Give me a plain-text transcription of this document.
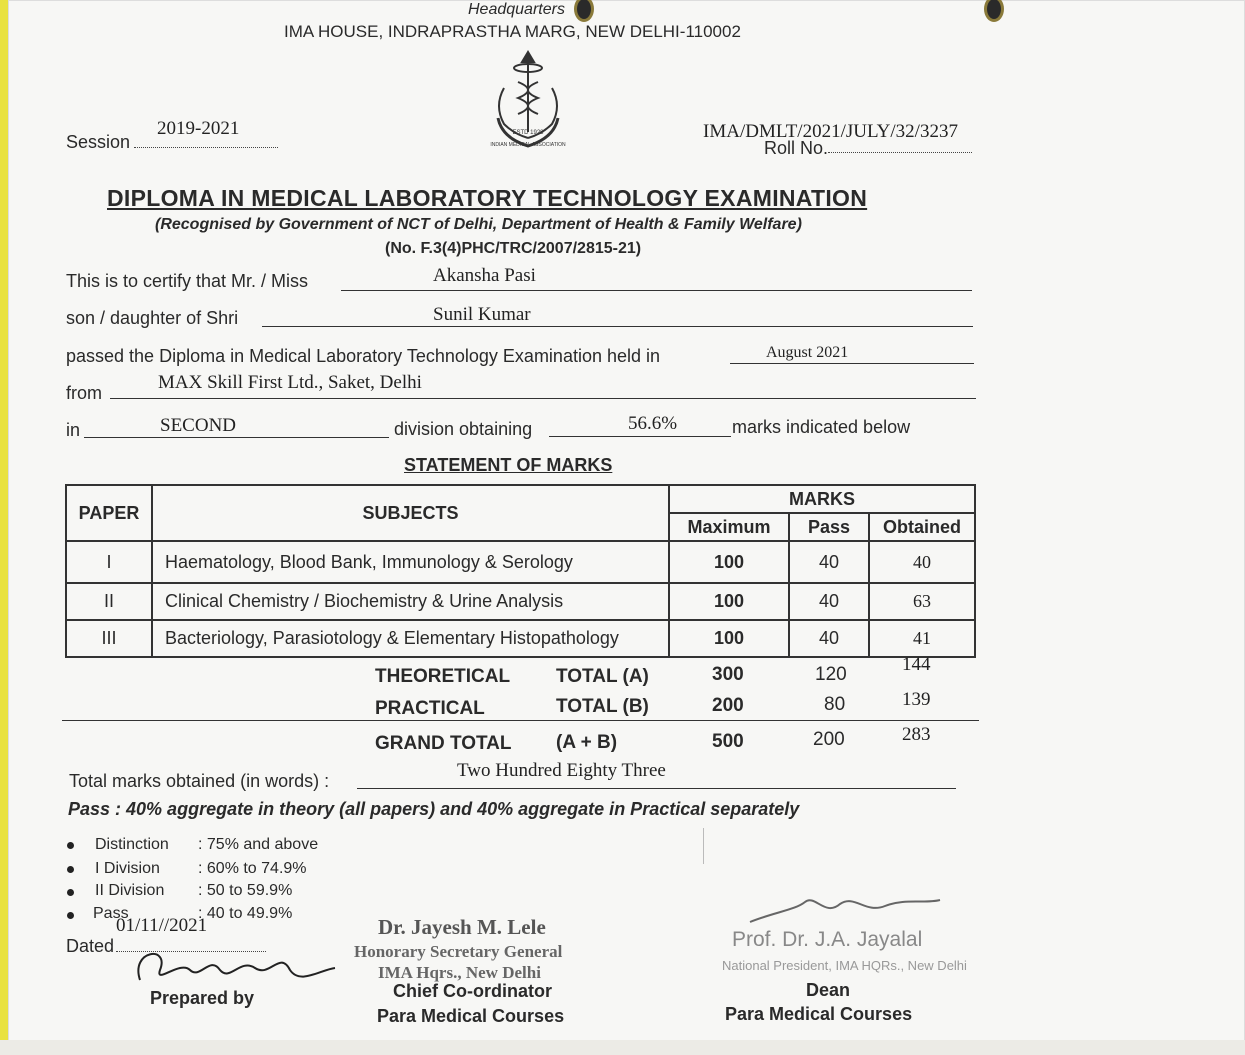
Headquarters
IMA HOUSE, INDRAPRASTHA MARG, NEW DELHI-110002
ESTD 1928
INDIAN MEDICAL ASSOCIATION
2019-2021
Session	IMA/DMLT/2021/JULY/32/3237
Roll No.
DIPLOMA IN MEDICAL LABORATORY TECHNOLOGY EXAMINATION
(Recognised by Government of NCT of Delhi, Department of Health & Family Welfare)
(No. F.3(4)PHC/TRC/2007/2815-21)
This is to certify that Mr. / Miss	Akansha Pasi
son / daughter of Shri	Sunil Kumar
passed the Diploma in Medical Laboratory Technology Examination held in	August 2021
from	MAX Skill First Ltd., Saket, Delhi
in	SECOND	division obtaining	56.6%	marks indicated below
STATEMENT OF MARKS
PAPER	SUBJECTS	MARKS		
		Maximum	Pass	Obtained
I	Haematology, Blood Bank, Immunology & Serology	100	40	40
II	Clinical Chemistry / Biochemistry & Urine Analysis	100	40	63
III	Bacteriology, Parasiotology & Elementary Histopathology	100	40	41
THEORETICAL TOTAL (A)	300	120	144
PRACTICAL	TOTAL (B)	200	80	139
GRAND TOTAL (A + B)	500	200	283
Total marks obtained (in words) :	Two Hundred Eighty Three
Pass : 40% aggregate in theory (all papers) and 40% aggregate in Practical separately
Distinction : 75% and above
I Division : 60% to 74.9%
II Division : 50 to 59.9%
Pass	: 40 to 49.9%
01/11//2021
Dated
Prepared by
Dr. Jayesh M. Lele
Honorary Secretary General
IMA Hqrs., New Delhi
Chief Co-ordinator
Para Medical Courses
Prof. Dr. J.A. Jayalal
National President, IMA HQRs., New Delhi
Dean
Para Medical Courses
